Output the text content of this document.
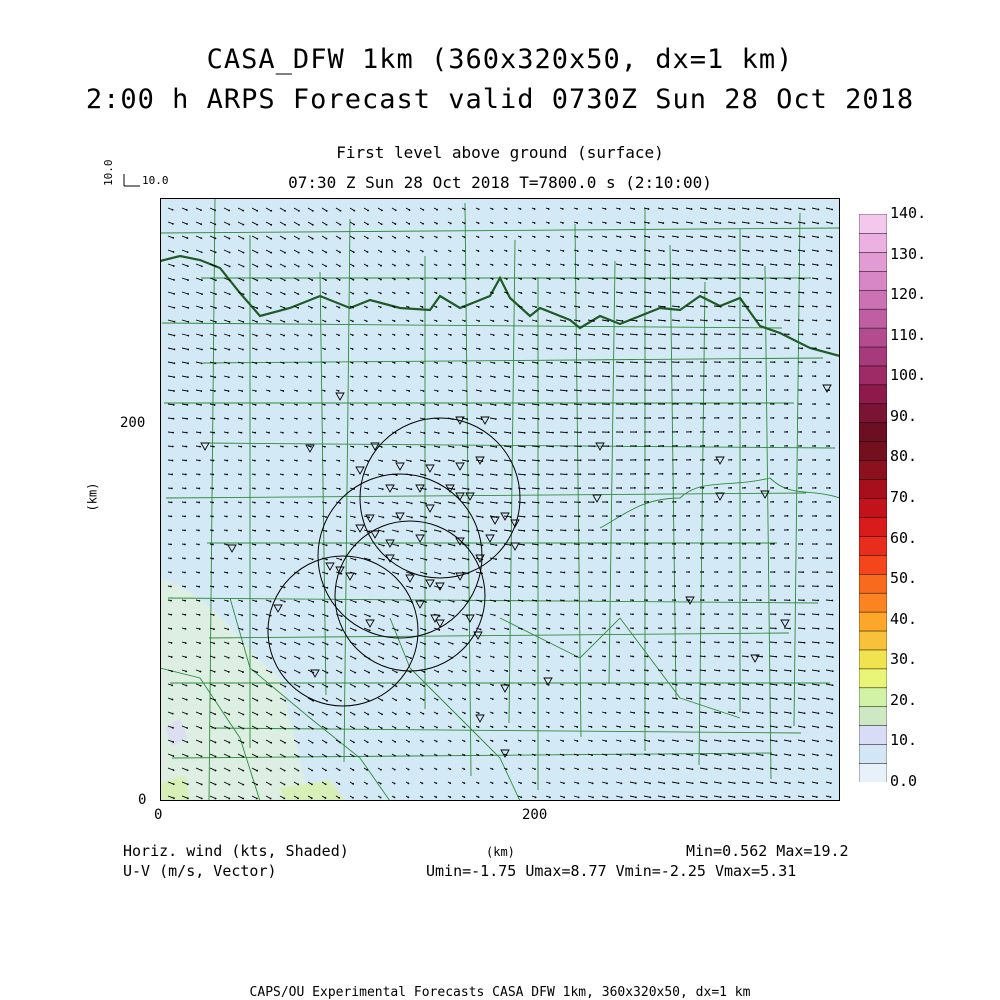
CASA_DFW 1km (360x320x50, dx=1 km)
2:00 h ARPS Forecast valid 0730Z Sun 28 Oct 2018
First level above ground (surface)
07:30 Z Sun 28 Oct 2018 T=7800.0 s (2:10:00)
10.0 10.0
0.0
10.
20.
30.
40.
50.
60.
70.
80.
90.
100.
110.
120.
130.
140.
0	200
0
200
(km)
(km)
Horiz. wind (kts, Shaded)
U-V (m/s, Vector)
Min=0.562 Max=19.2
Umin=-1.75 Umax=8.77 Vmin=-2.25 Vmax=5.31
CAPS/OU Experimental Forecasts CASA DFW 1km, 360x320x50, dx=1 km
